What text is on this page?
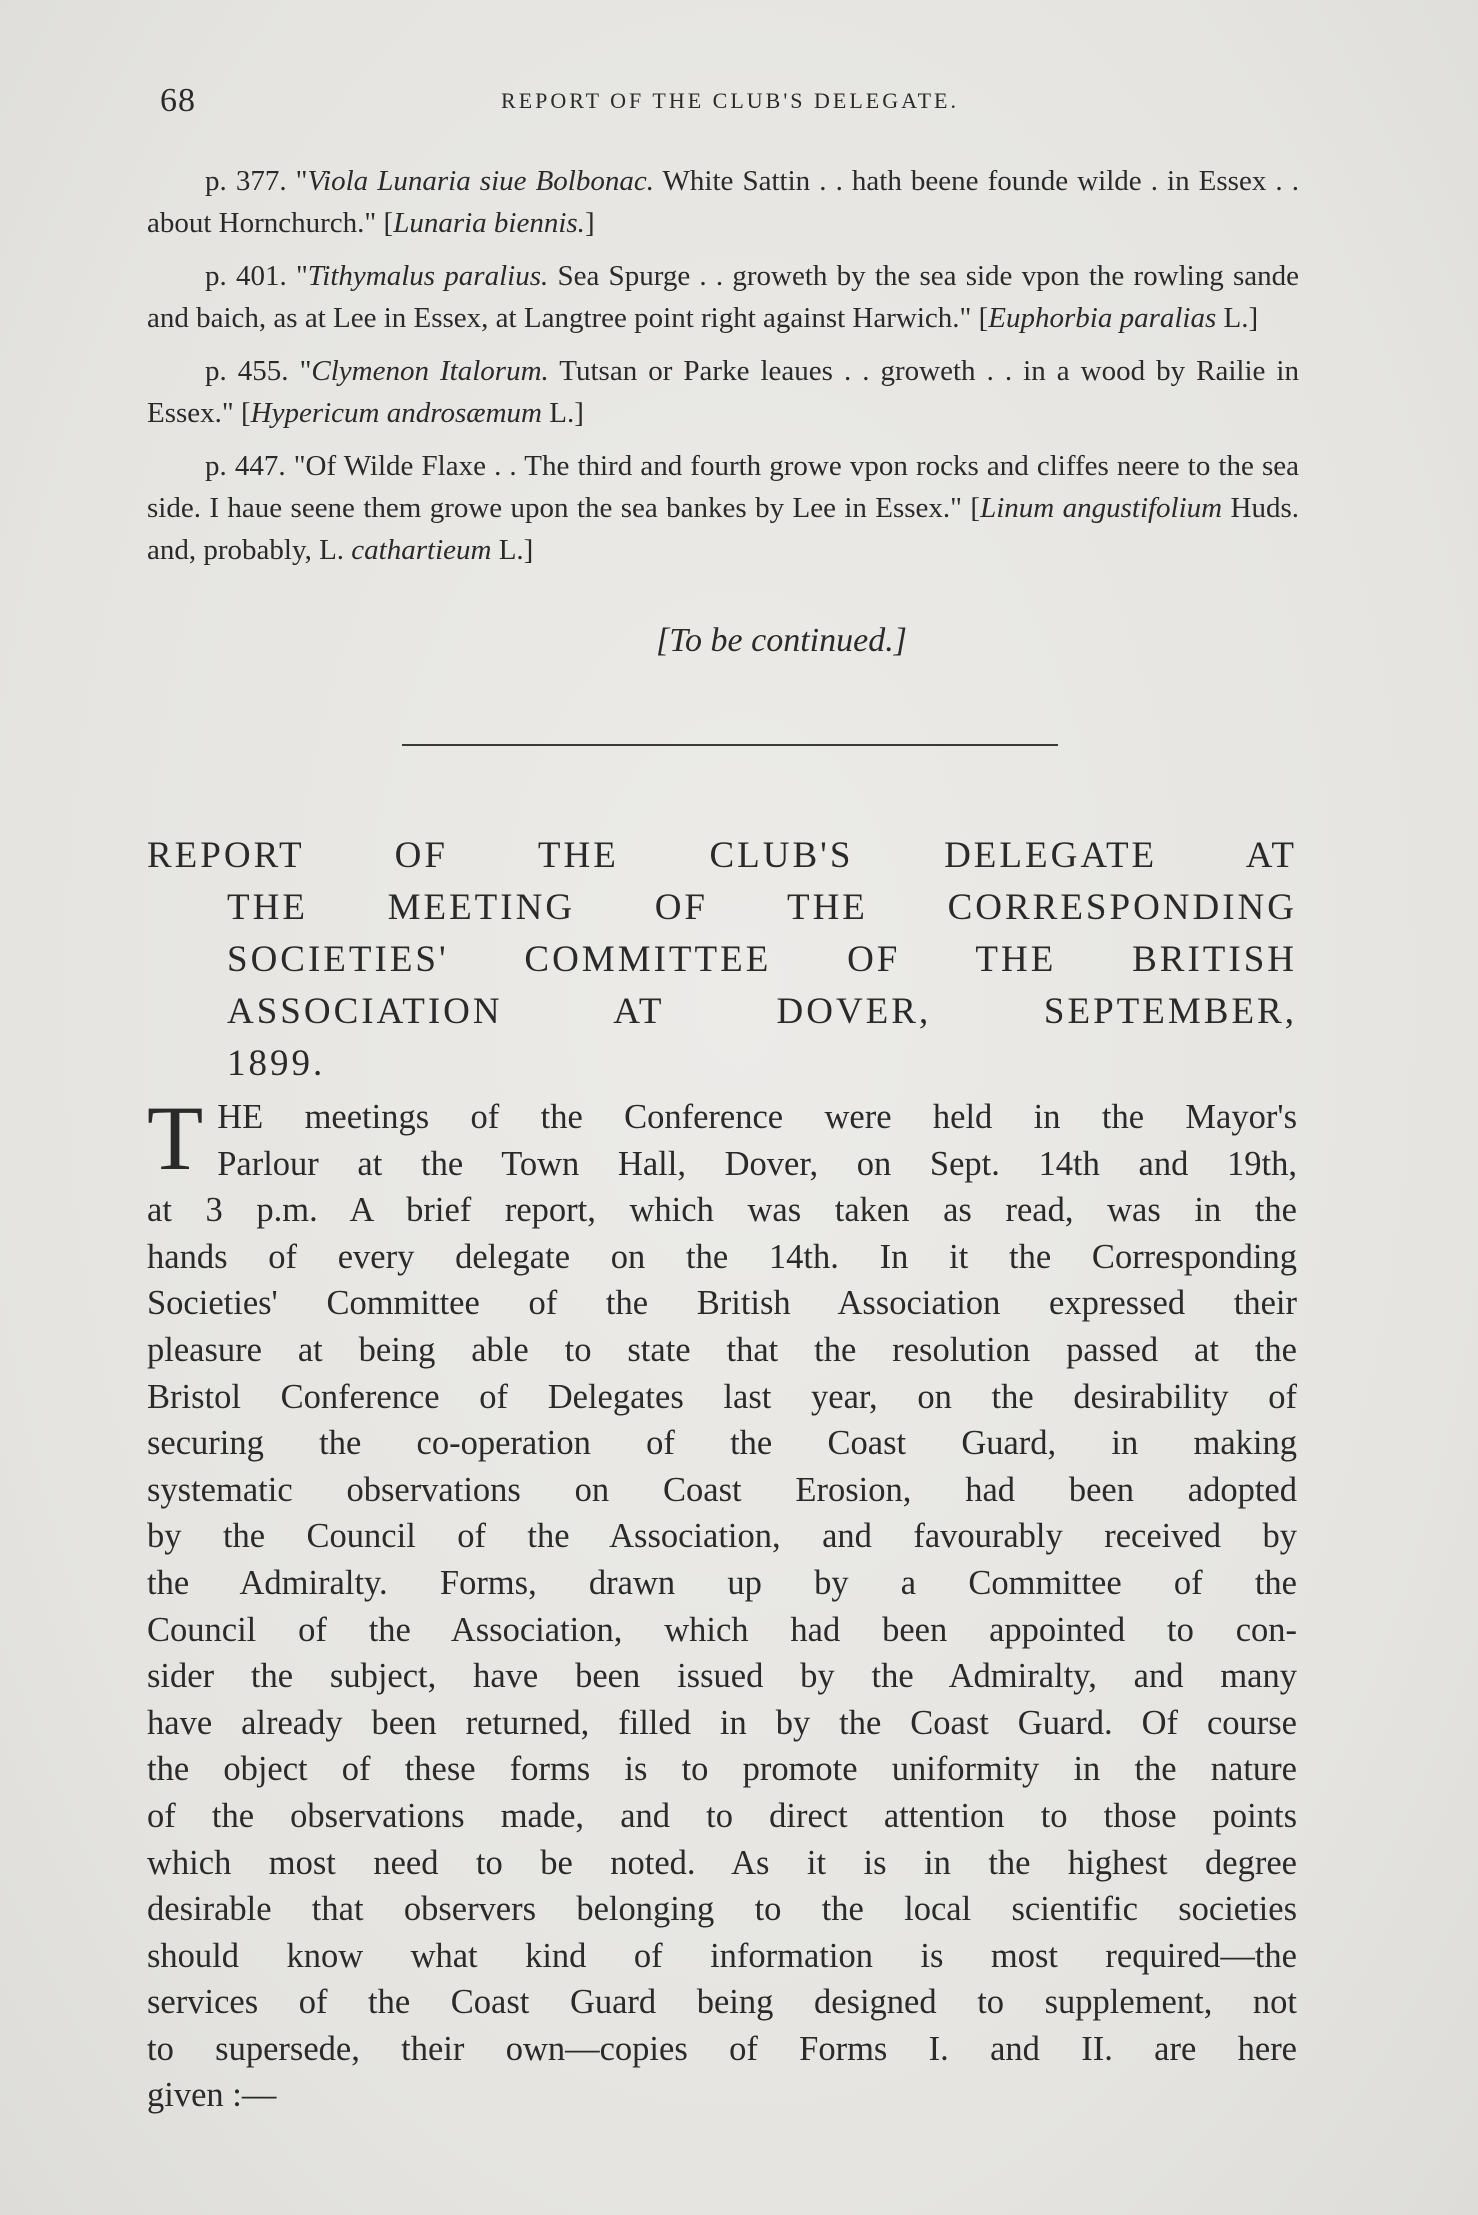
68	REPORT OF THE CLUB'S DELEGATE.

p. 377. "Viola Lunaria siue Bolbonac. White Sattin . . hath beene founde wilde . in Essex . . about Hornchurch." [Lunaria biennis.]

p. 401. "Tithymalus paralius. Sea Spurge . . groweth by the sea side vpon the rowling sande and baich, as at Lee in Essex, at Langtree point right against Harwich." [Euphorbia paralias L.]

p. 455. "Clymenon Italorum. Tutsan or Parke leaues . . groweth . . in a wood by Railie in Essex." [Hypericum androsæmum L.]

p. 447. "Of Wilde Flaxe . . The third and fourth growe vpon rocks and cliffes neere to the sea side. I haue seene them growe upon the sea bankes by Lee in Essex." [Linum angustifolium Huds. and, probably, L. cathartieum L.]

[To be continued.]
REPORT OF THE CLUB'S DELEGATE AT
THE MEETING OF THE CORRESPONDING
SOCIETIES' COMMITTEE OF THE BRITISH
ASSOCIATION AT DOVER, SEPTEMBER,
1899.
T HE meetings of the Conference were held in the Mayor's
Parlour at the Town Hall, Dover, on Sept. 14th and 19th,
at 3 p.m. A brief report, which was taken as read, was in the
hands of every delegate on the 14th. In it the Corresponding
Societies' Committee of the British Association expressed their
pleasure at being able to state that the resolution passed at the
Bristol Conference of Delegates last year, on the desirability of
securing the co-operation of the Coast Guard, in making
systematic observations on Coast Erosion, had been adopted
by the Council of the Association, and favourably received by
the Admiralty. Forms, drawn up by a Committee of the
Council of the Association, which had been appointed to con-
sider the subject, have been issued by the Admiralty, and many
have already been returned, filled in by the Coast Guard. Of course
the object of these forms is to promote uniformity in the nature
of the observations made, and to direct attention to those points
which most need to be noted. As it is in the highest degree
desirable that observers belonging to the local scientific societies
should know what kind of information is most required—the
services of the Coast Guard being designed to supplement, not
to supersede, their own—copies of Forms I. and II. are here
given :—
